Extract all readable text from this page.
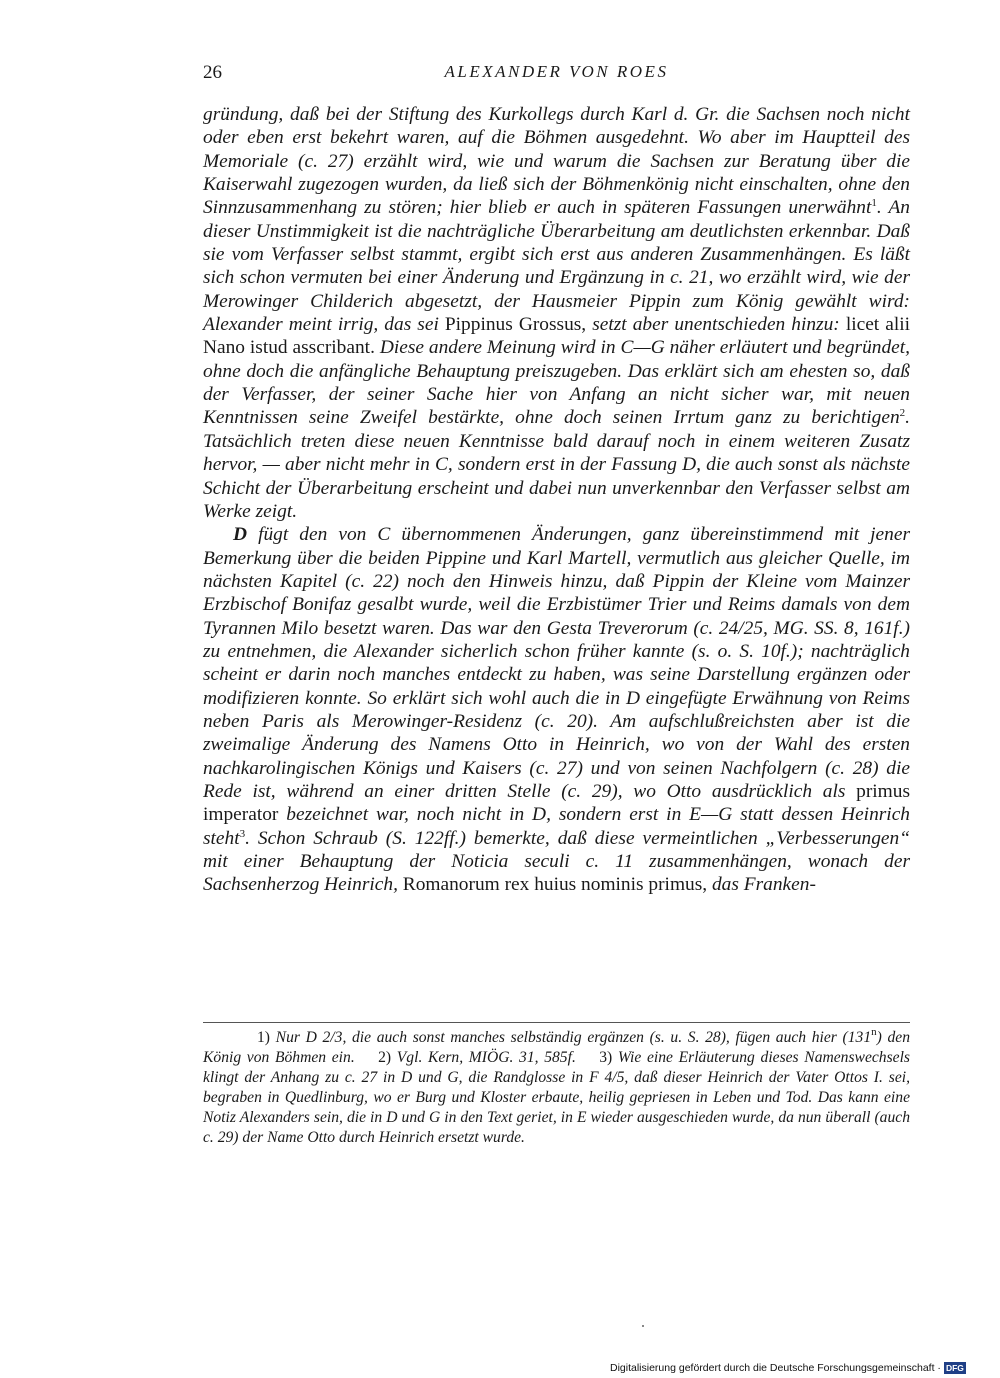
26	ALEXANDER VON ROES

gründung, daß bei der Stiftung des Kurkollegs durch Karl d. Gr. die Sachsen noch nicht oder eben erst bekehrt waren, auf die Böhmen ausgedehnt. Wo aber im Hauptteil des Memoriale (c. 27) erzählt wird, wie und warum die Sachsen zur Beratung über die Kaiserwahl zugezogen wurden, da ließ sich der Böhmenkönig nicht einschalten, ohne den Sinnzusammenhang zu stören; hier blieb er auch in späteren Fassungen unerwähnt$^1$. An dieser Unstimmigkeit ist die nachträgliche Überarbeitung am deutlichsten erkennbar. Daß sie vom Verfasser selbst stammt, ergibt sich erst aus anderen Zusammenhängen. Es läßt sich schon vermuten bei einer Änderung und Ergänzung in c. 21, wo erzählt wird, wie der Merowinger Childerich abgesetzt, der Hausmeier Pippin zum König gewählt wird: Alexander meint irrig, das sei Pippinus Grossus, setzt aber unentschieden hinzu: licet alii Nano istud asscribant. Diese andere Meinung wird in C—G näher erläutert und begründet, ohne doch die anfängliche Behauptung preiszugeben. Das erklärt sich am ehesten so, daß der Verfasser, der seiner Sache hier von Anfang an nicht sicher war, mit neuen Kenntnissen seine Zweifel bestärkte, ohne doch seinen Irrtum ganz zu berichtigen$^2$. Tatsächlich treten diese neuen Kenntnisse bald darauf noch in einem weiteren Zusatz hervor, — aber nicht mehr in C, sondern erst in der Fassung D, die auch sonst als nächste Schicht der Überarbeitung erscheint und dabei nun unverkennbar den Verfasser selbst am Werke zeigt.

D fügt den von C übernommenen Änderungen, ganz übereinstimmend mit jener Bemerkung über die beiden Pippine und Karl Martell, vermutlich aus gleicher Quelle, im nächsten Kapitel (c. 22) noch den Hinweis hinzu, daß Pippin der Kleine vom Mainzer Erzbischof Bonifaz gesalbt wurde, weil die Erzbistümer Trier und Reims damals von dem Tyrannen Milo besetzt waren. Das war den Gesta Treverorum (c. 24/25, MG. SS. 8, 161f.) zu entnehmen, die Alexander sicherlich schon früher kannte (s. o. S. 10f.); nachträglich scheint er darin noch manches entdeckt zu haben, was seine Darstellung ergänzen oder modifizieren konnte. So erklärt sich wohl auch die in D eingefügte Erwähnung von Reims neben Paris als Merowinger-Residenz (c. 20). Am aufschlußreichsten aber ist die zweimalige Änderung des Namens Otto in Heinrich, wo von der Wahl des ersten nachkarolingischen Königs und Kaisers (c. 27) und von seinen Nachfolgern (c. 28) die Rede ist, während an einer dritten Stelle (c. 29), wo Otto ausdrücklich als primus imperator bezeichnet war, noch nicht in D, sondern erst in E—G statt dessen Heinrich steht$^3$. Schon Schraub (S. 122ff.) bemerkte, daß diese vermeintlichen „Verbesserungen“ mit einer Behauptung der Noticia seculi c. 11 zusammenhängen, wonach der Sachsenherzog Heinrich, Romanorum rex huius nominis primus, das Franken-

1) Nur D 2/3, die auch sonst manches selbständig ergänzen (s. u. S. 28), fügen auch hier (131$^n$) den König von Böhmen ein.   2) Vgl. Kern, MIÖG. 31, 585f.   3) Wie eine Erläuterung dieses Namenswechsels klingt der Anhang zu c. 27 in D und G, die Randglosse in F 4/5, daß dieser Heinrich der Vater Ottos I. sei, begraben in Quedlinburg, wo er Burg und Kloster erbaute, heilig gepriesen in Leben und Tod. Das kann eine Notiz Alexanders sein, die in D und G in den Text geriet, in E wieder ausgeschieden wurde, da nun überall (auch c. 29) der Name Otto durch Heinrich ersetzt wurde.

Digitalisierung gefördert durch die Deutsche Forschungsgemeinschaft · DFG
